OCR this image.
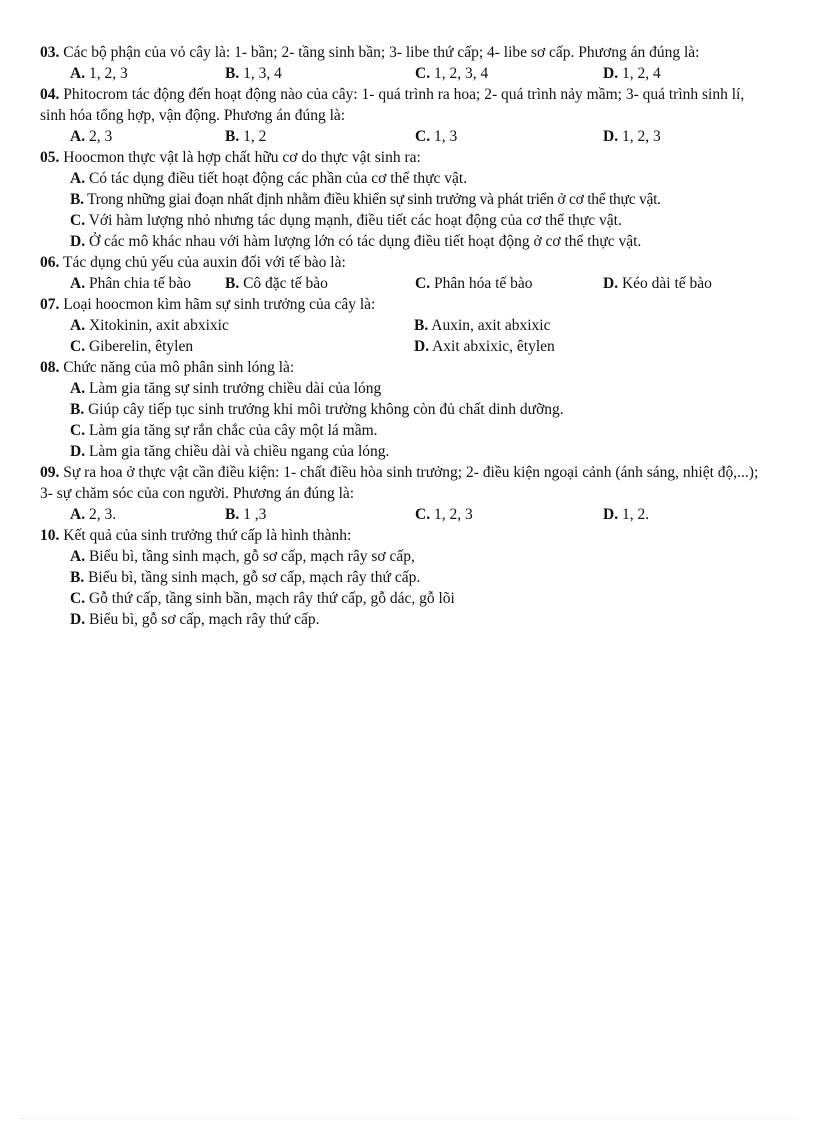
03. Các bộ phận của vỏ cây là: 1- bần; 2- tầng sinh bần; 3- libe thứ cấp; 4- libe sơ cấp. Phương án đúng là:

A. 1, 2, 3	B. 1, 3, 4	C. 1, 2, 3, 4	D. 1, 2, 4

04. Phitocrom tác động đến hoạt động nào của cây: 1- quá trình ra hoa; 2- quá trình nảy mầm; 3- quá trình sinh lí, sinh hóa tổng hợp, vận động. Phương án đúng là:

A. 2, 3	B. 1, 2	C. 1, 3	D. 1, 2, 3

05. Hoocmon thực vật là hợp chất hữu cơ do thực vật sinh ra:

A. Có tác dụng điều tiết hoạt động các phần của cơ thể thực vật.
B. Trong những giai đoạn nhất định nhằm điều khiển sự sinh trưởng và phát triển ở cơ thể thực vật.
C. Với hàm lượng nhỏ nhưng tác dụng mạnh, điều tiết các hoạt động của cơ thể thực vật.
D. Ở các mô khác nhau với hàm lượng lớn có tác dụng điều tiết hoạt động ở cơ thể thực vật.

06. Tác dụng chủ yếu của auxin đối với tế bào là:

A. Phân chia tế bào	B. Cô đặc tế bào	C. Phân hóa tế bào	D. Kéo dài tế bào

07. Loại hoocmon kìm hãm sự sinh trưởng của cây là:

A. Xitokinin, axit abxixic	B. Auxin, axit abxixic
C. Giberelin, êtylen	D. Axit abxixic, êtylen

08. Chức năng của mô phân sinh lóng là:

A. Làm gia tăng sự sinh trưởng chiều dài của lóng
B. Giúp cây tiếp tục sinh trưởng khi môi trường không còn đủ chất dinh dưỡng.
C. Làm gia tăng sự rắn chắc của cây một lá mầm.
D. Làm gia tăng chiều dài và chiều ngang của lóng.

09. Sự ra hoa ở thực vật cần điều kiện: 1- chất điều hòa sinh trưởng; 2- điều kiện ngoại cảnh (ánh sáng, nhiệt độ,...); 3- sự chăm sóc của con người. Phương án đúng là:

A. 2, 3.	B. 1 ,3	C. 1, 2, 3	D. 1, 2.

10. Kết quả của sinh trưởng thứ cấp là hình thành:

A. Biểu bì, tầng sinh mạch, gỗ sơ cấp, mạch rây sơ cấp,
B. Biểu bì, tầng sinh mạch, gỗ sơ cấp, mạch rây thứ cấp.
C. Gỗ thứ cấp, tầng sinh bần, mạch rây thứ cấp, gỗ dác, gỗ lõi
D. Biểu bì, gỗ sơ cấp, mạch rây thứ cấp.
